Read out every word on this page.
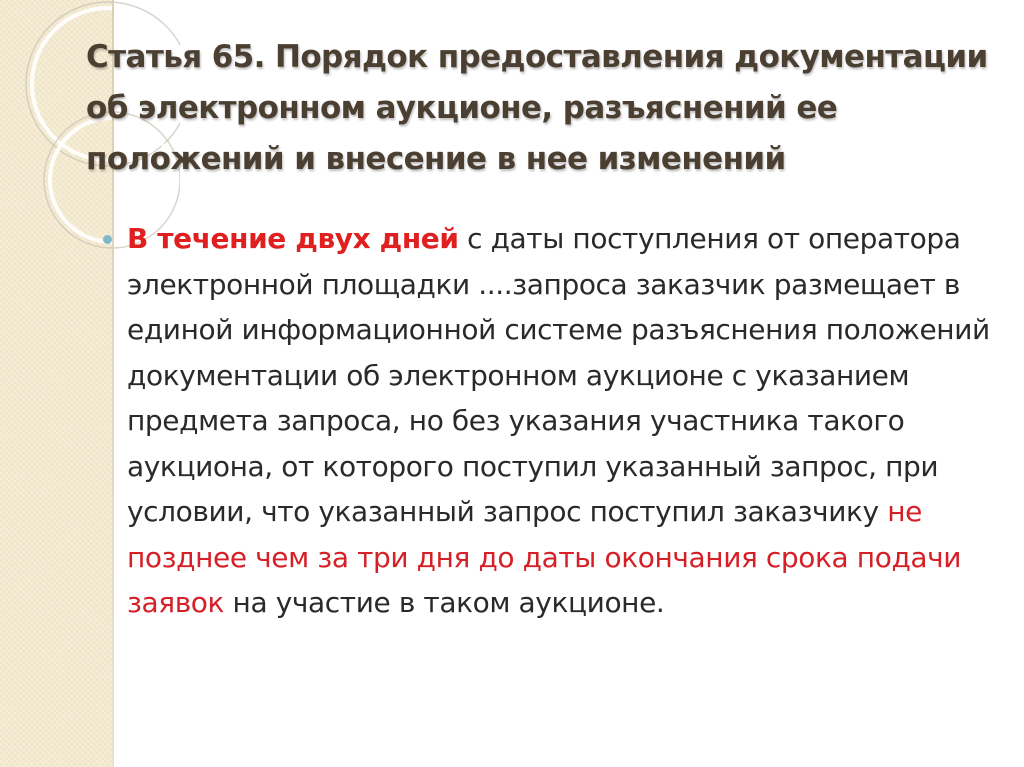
Статья 65. Порядок предоставления документации об электронном аукционе, разъяснений ее положений и внесение в нее изменений

В течение двух дней с даты поступления от оператора электронной площадки ....запроса заказчик размещает в единой информационной системе разъяснения положений документации об электронном аукционе с указанием предмета запроса, но без указания участника такого аукциона, от которого поступил указанный запрос, при условии, что указанный запрос поступил заказчику не позднее чем за три дня до даты окончания срока подачи заявок на участие в таком аукционе.
